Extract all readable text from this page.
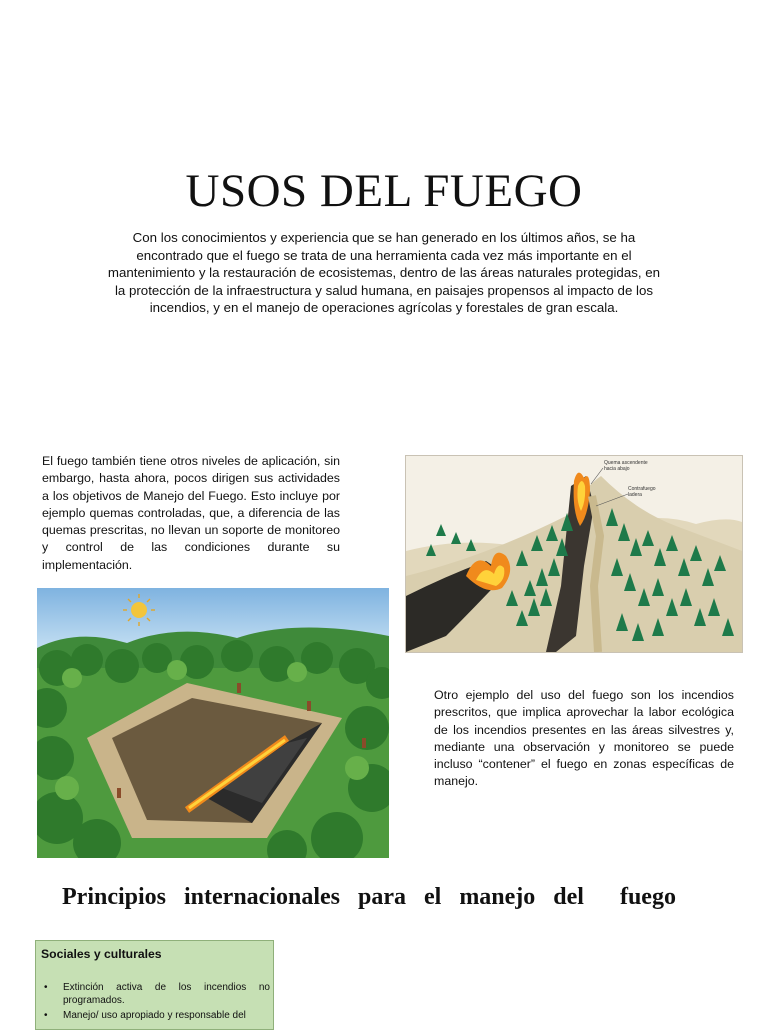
USOS DEL FUEGO
Con los conocimientos y experiencia que se han generado en los últimos años, se ha encontrado que el fuego se trata de una herramienta cada vez más importante en el mantenimiento y la restauración de ecosistemas, dentro de las áreas naturales protegidas, en la protección de la infraestructura y salud humana, en paisajes propensos al impacto de los incendios, y en el manejo de operaciones agrícolas y forestales de gran escala.
El fuego también tiene otros niveles de aplicación, sin embargo, hasta ahora, pocos dirigen sus actividades a los objetivos de Manejo del Fuego. Esto incluye por ejemplo quemas controladas, que, a diferencia de las quemas prescritas, no llevan un soporte de monitoreo y control de las condiciones durante su implementación.
Quema ascendente
hacia abajo
Contrafuego
ladera
Otro ejemplo del uso del fuego son los incendios prescritos, que implica aprovechar la labor ecológica de los incendios presentes en las áreas silvestres y, mediante una observación y monitoreo se puede incluso “contener” el fuego en zonas específicas de manejo.
Principios  internacionales  para  el  manejo  del    fuego
Sociales y culturales
• Extinción activa de los incendios no programados.
• Manejo/ uso apropiado y responsable del
